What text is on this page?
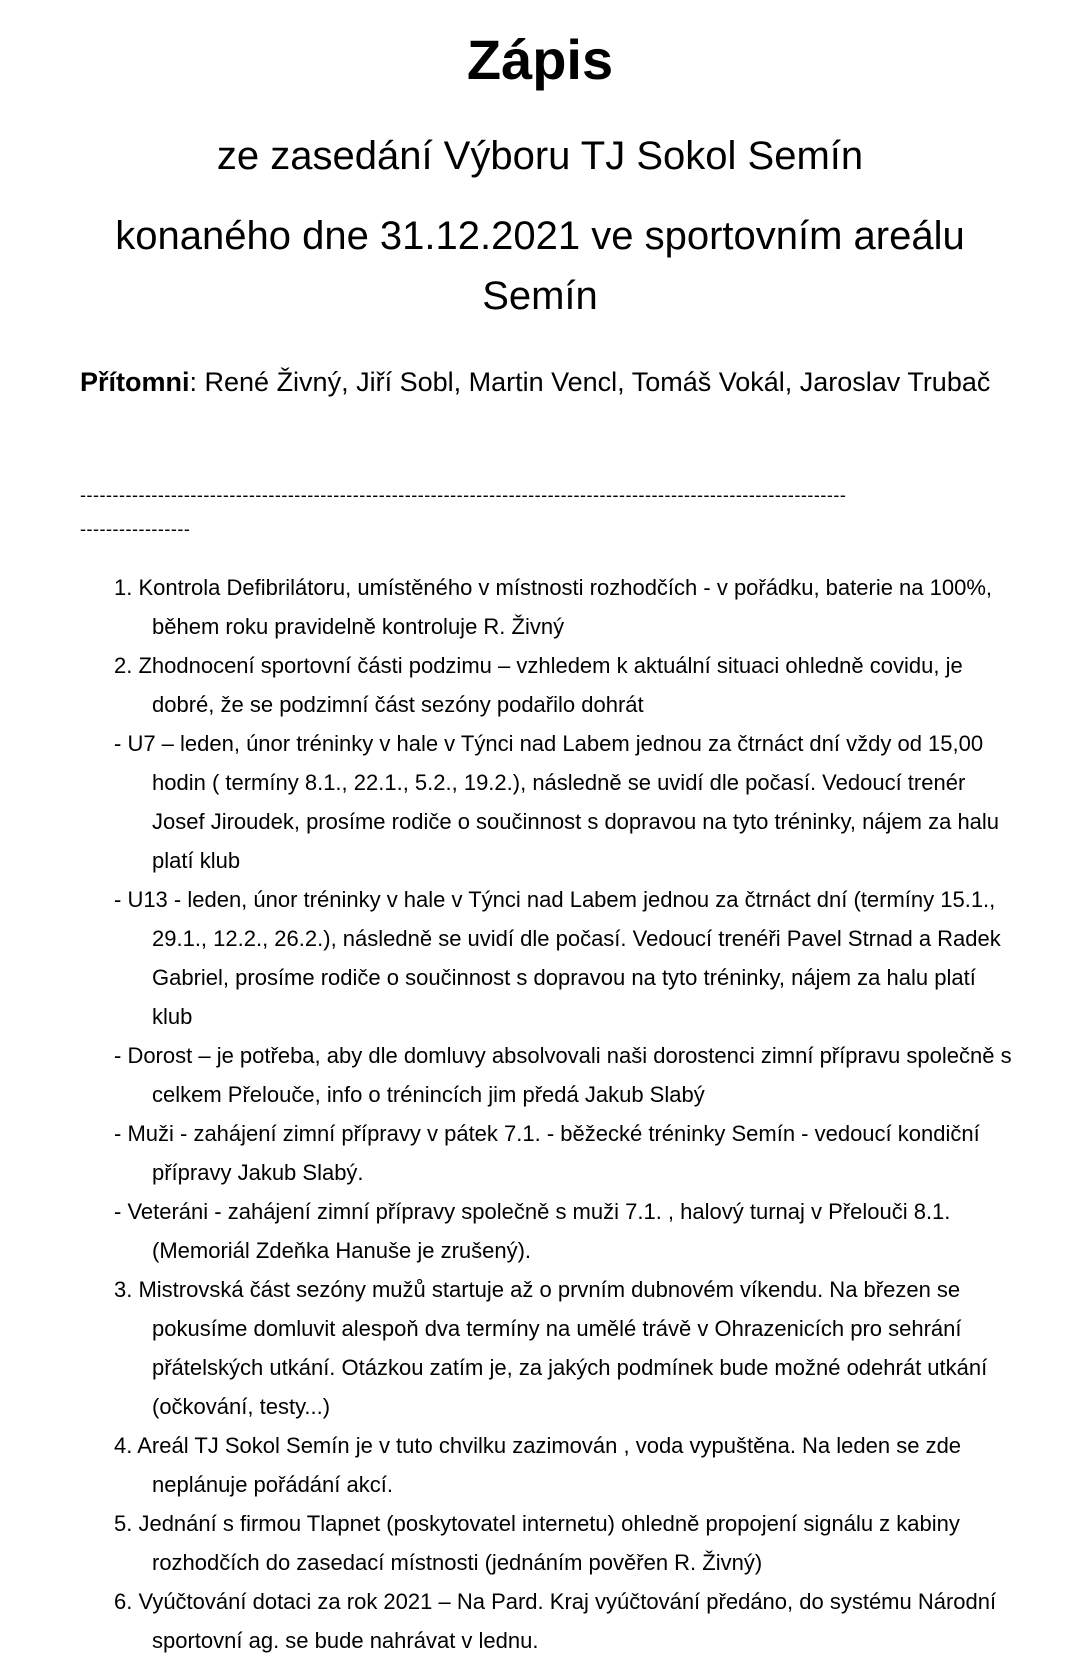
Zápis
ze zasedání Výboru TJ Sokol Semín
konaného dne 31.12.2021 ve sportovním areálu Semín
Přítomni: René Živný, Jiří Sobl, Martin Vencl, Tomáš Vokál, Jaroslav Trubač
----------------------------------------------------------------------------------------------------------------------
-----------------
1. Kontrola Defibrilátoru, umístěného v místnosti rozhodčích - v pořádku, baterie na 100%, během roku pravidelně kontroluje R. Živný
2. Zhodnocení sportovní části podzimu – vzhledem k aktuální situaci ohledně covidu, je dobré, že se podzimní část sezóny podařilo dohrát
- U7 – leden, únor tréninky v hale v Týnci nad Labem jednou za čtrnáct dní vždy od 15,00 hodin ( termíny 8.1., 22.1., 5.2., 19.2.), následně se uvidí dle počasí. Vedoucí trenér Josef Jiroudek, prosíme rodiče o součinnost s dopravou na tyto tréninky, nájem za halu platí klub
- U13 - leden, únor tréninky v hale v Týnci nad Labem jednou za čtrnáct dní (termíny 15.1., 29.1., 12.2., 26.2.), následně se uvidí dle počasí. Vedoucí trenéři Pavel Strnad a Radek Gabriel, prosíme rodiče o součinnost s dopravou na tyto tréninky, nájem za halu platí klub
- Dorost – je potřeba, aby dle domluvy absolvovali naši dorostenci zimní přípravu společně s celkem Přelouče, info o trénincích jim předá Jakub Slabý
- Muži - zahájení zimní přípravy v pátek 7.1. - běžecké tréninky Semín - vedoucí kondiční přípravy Jakub Slabý.
- Veteráni - zahájení zimní přípravy společně s muži 7.1. , halový turnaj v Přelouči 8.1. (Memoriál Zdeňka Hanuše je zrušený).
3. Mistrovská část sezóny mužů startuje až o prvním dubnovém víkendu. Na březen se pokusíme domluvit alespoň dva termíny na umělé trávě v Ohrazenicích pro sehrání přátelských utkání. Otázkou zatím je, za jakých podmínek bude možné odehrát utkání (očkování, testy...)
4. Areál TJ Sokol Semín je v tuto chvilku zazimován , voda vypuštěna. Na leden se zde neplánuje pořádání akcí.
5. Jednání s firmou Tlapnet (poskytovatel internetu) ohledně propojení signálu z kabiny rozhodčích do zasedací místnosti (jednáním pověřen R. Živný)
6. Vyúčtování dotaci za rok 2021 – Na Pard. Kraj vyúčtování předáno, do systému Národní sportovní ag. se bude nahrávat v lednu.
